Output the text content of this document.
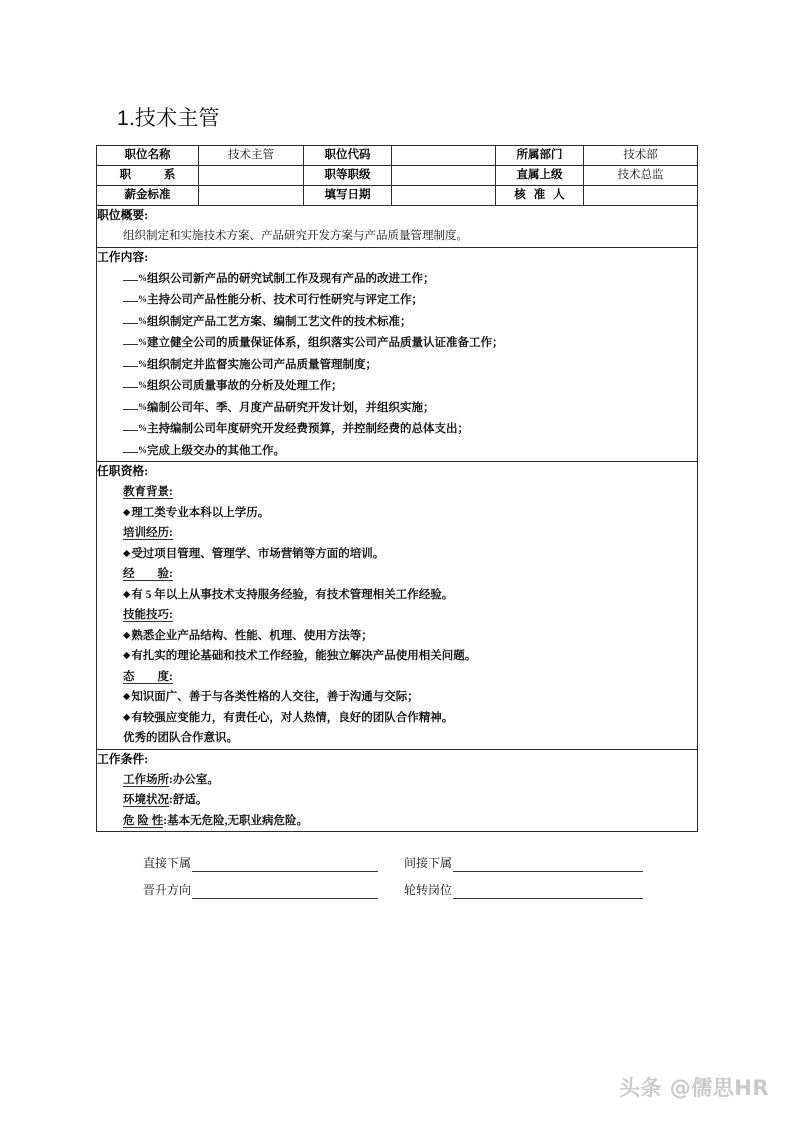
1.技术主管
职位名称	技术主管	职位代码		所属部门	技术部
职　　系		职等职级		直属上级	技术总监
薪金标准		填写日期		核 准 人	

职位概要:
组织制定和实施技术方案、产品研究开发方案与产品质量管理制度。					

工作内容:
%组织公司新产品的研究试制工作及现有产品的改进工作；
%主持公司产品性能分析、技术可行性研究与评定工作；
%组织制定产品工艺方案、编制工艺文件的技术标准；
%建立健全公司的质量保证体系，组织落实公司产品质量认证准备工作；
%组织制定并监督实施公司产品质量管理制度；
%组织公司质量事故的分析及处理工作；
%编制公司年、季、月度产品研究开发计划，并组织实施；
%主持编制公司年度研究开发经费预算，并控制经费的总体支出；
%完成上级交办的其他工作。

任职资格:
教育背景:
◆理工类专业本科以上学历。
培训经历:
◆受过项目管理、管理学、市场营销等方面的培训。
经　　验:
◆有 5 年以上从事技术支持服务经验，有技术管理相关工作经验。
技能技巧:
◆熟悉企业产品结构、性能、机理、使用方法等；
◆有扎实的理论基础和技术工作经验，能独立解决产品使用相关问题。
态　　度:
◆知识面广、善于与各类性格的人交往，善于沟通与交际；
◆有较强应变能力，有责任心，对人热情，良好的团队合作精神。
优秀的团队合作意识。

工作条件:
工作场所:办公室。
环境状况:舒适。
危 险 性:基本无危险,无职业病危险。					
直接下属	间接下属
晋升方向	轮转岗位
头条 @儒思HR
